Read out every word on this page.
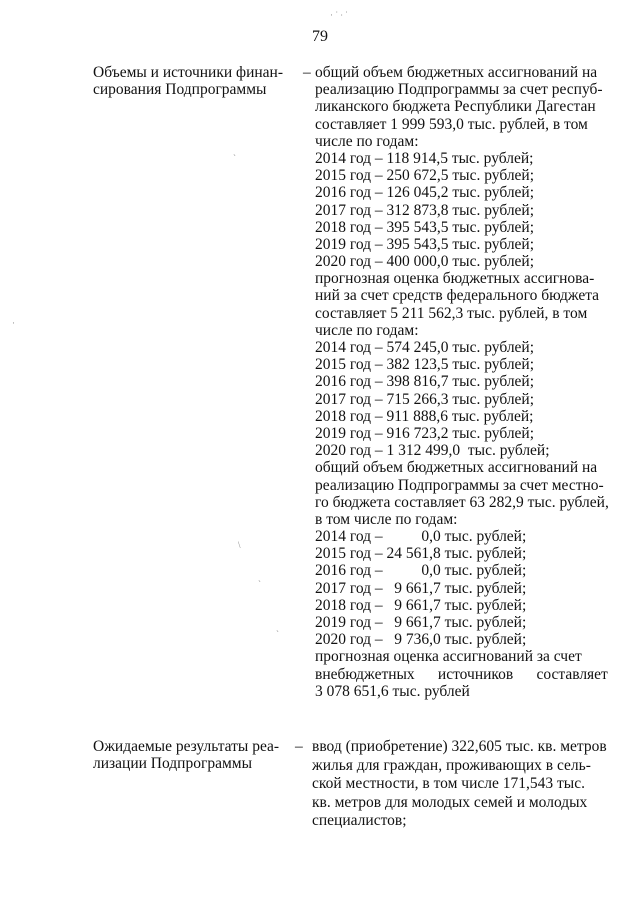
79
Объемы и источники финан-
сирования Подпрограммы
– общий объем бюджетных ассигнований на
реализацию Подпрограммы за счет респуб-
ликанского бюджета Республики Дагестан
составляет 1 999 593,0 тыс. рублей, в том
числе по годам:
2014 год – 118 914,5 тыс. рублей;
2015 год – 250 672,5 тыс. рублей;
2016 год – 126 045,2 тыс. рублей;
2017 год – 312 873,8 тыс. рублей;
2018 год – 395 543,5 тыс. рублей;
2019 год – 395 543,5 тыс. рублей;
2020 год – 400 000,0 тыс. рублей;
прогнозная оценка бюджетных ассигнова-
ний за счет средств федерального бюджета
составляет 5 211 562,3 тыс. рублей, в том
числе по годам:
2014 год – 574 245,0 тыс. рублей;
2015 год – 382 123,5 тыс. рублей;
2016 год – 398 816,7 тыс. рублей;
2017 год – 715 266,3 тыс. рублей;
2018 год – 911 888,6 тыс. рублей;
2019 год – 916 723,2 тыс. рублей;
2020 год – 1 312 499,0  тыс. рублей;
общий объем бюджетных ассигнований на
реализацию Подпрограммы за счет местно-
го бюджета составляет 63 282,9 тыс. рублей,
в том числе по годам:
2014 год –          0,0 тыс. рублей;
2015 год – 24 561,8 тыс. рублей;
2016 год –          0,0 тыс. рублей;
2017 год –   9 661,7 тыс. рублей;
2018 год –   9 661,7 тыс. рублей;
2019 год –   9 661,7 тыс. рублей;
2020 год –   9 736,0 тыс. рублей;
прогнозная оценка ассигнований за счет
внебюджетных      источников      составляет
3 078 651,6 тыс. рублей
Ожидаемые результаты реа-
лизации Подпрограммы
– ввод (приобретение) 322,605 тыс. кв. метров
жилья для граждан, проживающих в сель-
ской местности, в том числе 171,543 тыс.
кв. метров для молодых семей и молодых
специалистов;
· ˙ ∙ ˙
ˏ
·
\
ˏ
ˏ
